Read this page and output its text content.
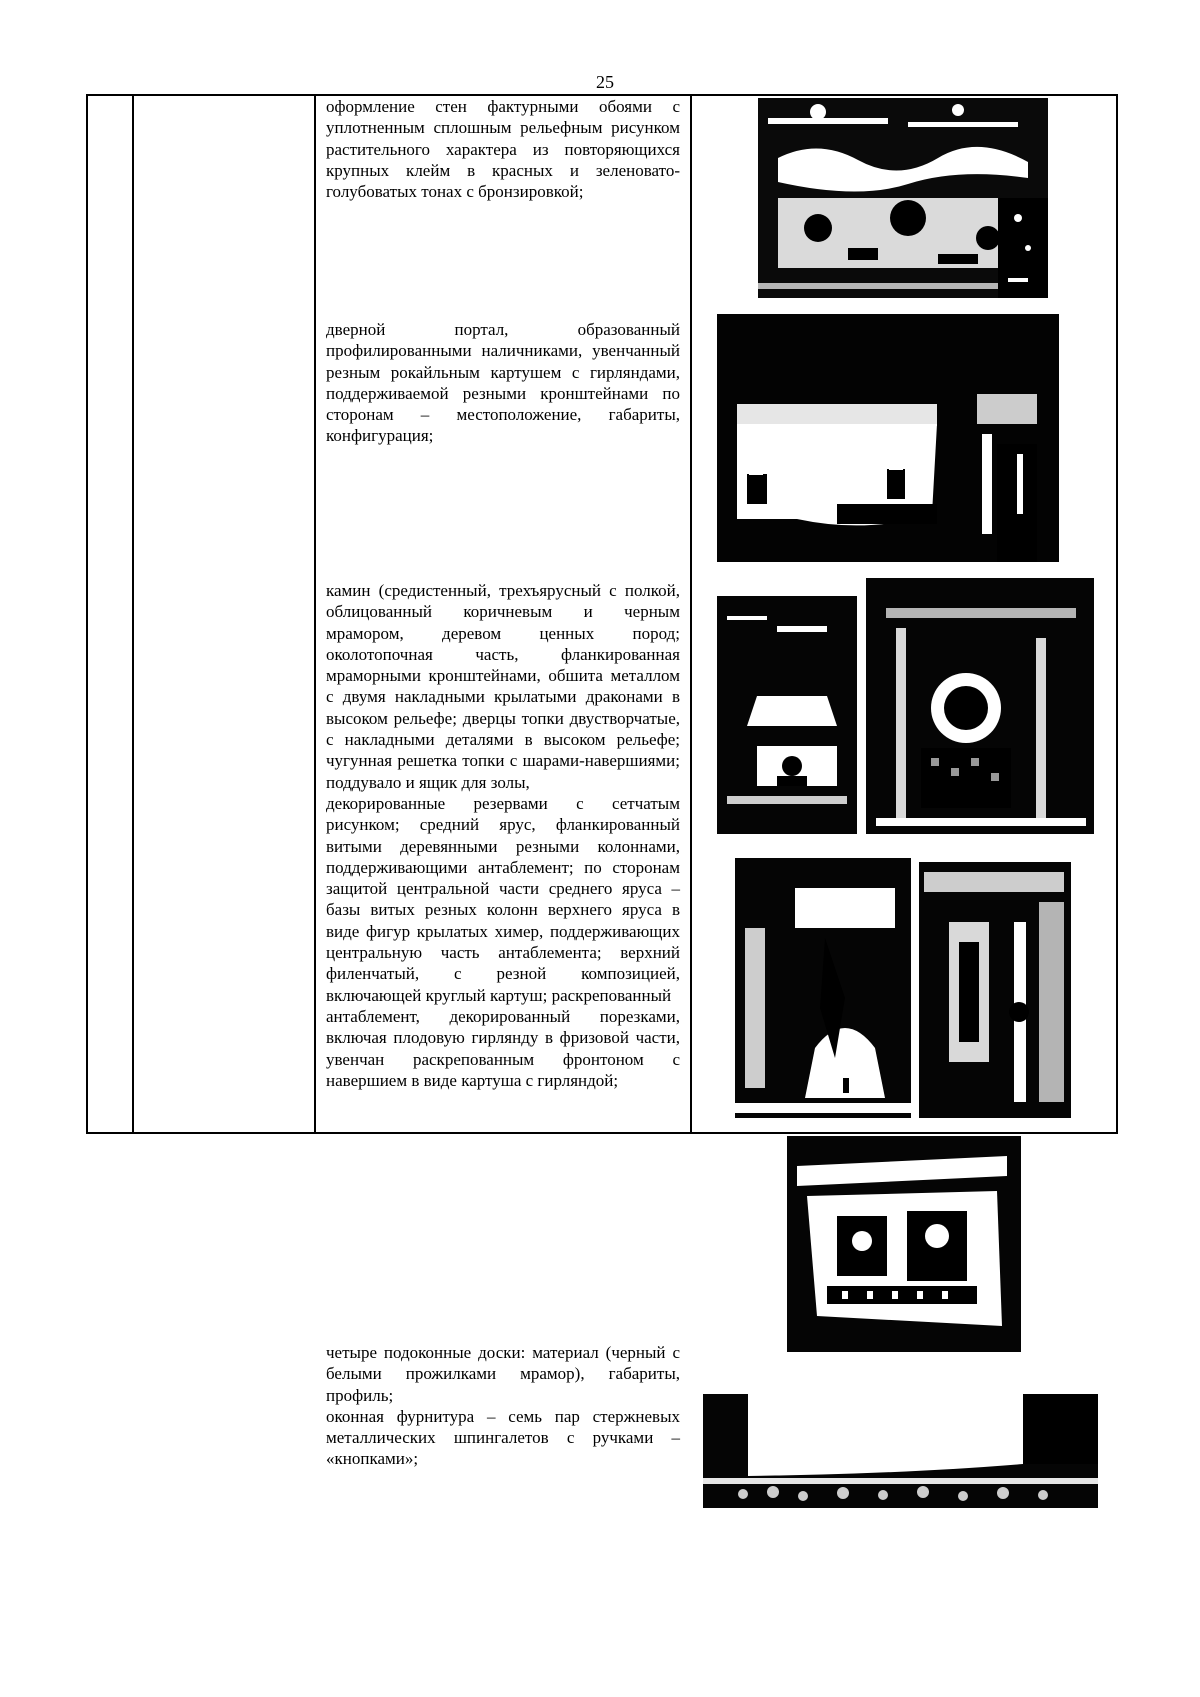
25

оформление стен фактурными обоями с уплотненным сплошным рельефным рисунком растительного характера из повторяющихся крупных клейм в красных и зеленовато-голубоватых тонах с бронзировкой;

дверной портал, образованный профилированными наличниками, увенчанный резным рокайльным картушем с гирляндами, поддерживаемой резными кронштейнами по сторонам – местоположение, габариты, конфигурация;

камин (средистенный, трехъярусный с полкой, облицованный коричневым и черным мрамором, деревом ценных пород; околотопочная часть, фланкированная мраморными кронштейнами, обшита металлом с двумя накладными крылатыми драконами в высоком рельефе; дверцы топки двустворчатые, с накладными деталями в высоком рельефе; чугунная решетка топки с шарами-навершиями; поддувало и ящик для золы,

декорированные резервами с сетчатым рисунком; средний ярус, фланкированный витыми деревянными резными колоннами, поддерживающими антаблемент; по сторонам защитой центральной части среднего яруса – базы витых резных колонн верхнего яруса в виде фигур крылатых химер, поддерживающих центральную часть антаблемента; верхний филенчатый, с резной композицией, включающей круглый картуш; раскрепованный

антаблемент, декорированный порезками, включая плодовую гирлянду в фризовой части, увенчан раскрепованным фронтоном с навершием в виде картуша с гирляндой;

четыре подоконные доски: материал (черный с белыми прожилками мрамор), габариты, профиль;

оконная фурнитура – семь пар стержневых металлических шпингалетов с ручками – «кнопками»;
